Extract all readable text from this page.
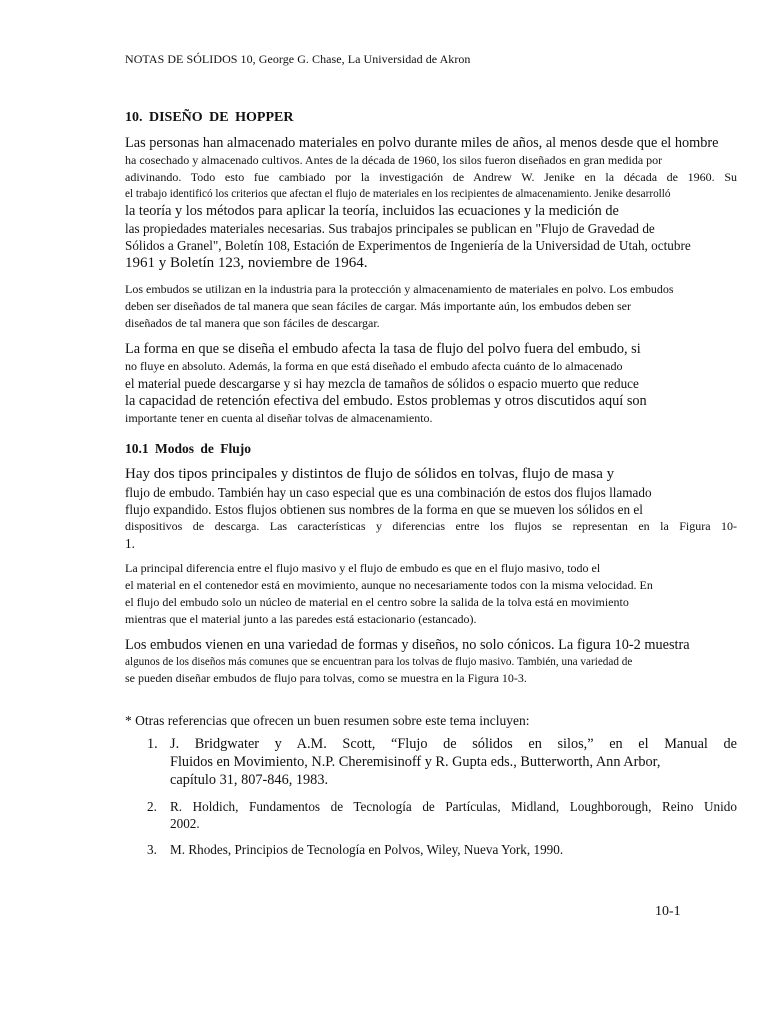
NOTAS DE SÓLIDOS 10, George G. Chase, La Universidad de Akron
10. DISEÑO DE HOPPER

Las personas han almacenado materiales en polvo durante miles de años, al menos desde que el hombre
ha cosechado y almacenado cultivos. Antes de la década de 1960, los silos fueron diseñados en gran medida por
adivinando. Todo esto fue cambiado por la investigación de Andrew W. Jenike en la década de 1960. Su
el trabajo identificó los criterios que afectan el flujo de materiales en los recipientes de almacenamiento. Jenike desarrolló
la teoría y los métodos para aplicar la teoría, incluidos las ecuaciones y la medición de
las propiedades materiales necesarias. Sus trabajos principales se publican en "Flujo de Gravedad de
Sólidos a Granel", Boletín 108, Estación de Experimentos de Ingeniería de la Universidad de Utah, octubre
1961 y Boletín 123, noviembre de 1964.

Los embudos se utilizan en la industria para la protección y almacenamiento de materiales en polvo. Los embudos
deben ser diseñados de tal manera que sean fáciles de cargar. Más importante aún, los embudos deben ser
diseñados de tal manera que son fáciles de descargar.

La forma en que se diseña el embudo afecta la tasa de flujo del polvo fuera del embudo, si
no fluye en absoluto. Además, la forma en que está diseñado el embudo afecta cuánto de lo almacenado
el material puede descargarse y si hay mezcla de tamaños de sólidos o espacio muerto que reduce
la capacidad de retención efectiva del embudo. Estos problemas y otros discutidos aquí son
importante tener en cuenta al diseñar tolvas de almacenamiento.

10.1 Modos de Flujo

Hay dos tipos principales y distintos de flujo de sólidos en tolvas, flujo de masa y
flujo de embudo. También hay un caso especial que es una combinación de estos dos flujos llamado
flujo expandido. Estos flujos obtienen sus nombres de la forma en que se mueven los sólidos en el
dispositivos de descarga. Las características y diferencias entre los flujos se representan en la Figura 10-
1.

La principal diferencia entre el flujo masivo y el flujo de embudo es que en el flujo masivo, todo el
el material en el contenedor está en movimiento, aunque no necesariamente todos con la misma velocidad. En
el flujo del embudo solo un núcleo de material en el centro sobre la salida de la tolva está en movimiento
mientras que el material junto a las paredes está estacionario (estancado).

Los embudos vienen en una variedad de formas y diseños, no solo cónicos. La figura 10-2 muestra
algunos de los diseños más comunes que se encuentran para los tolvas de flujo masivo. También, una variedad de
se pueden diseñar embudos de flujo para tolvas, como se muestra en la Figura 10-3.

* Otras referencias que ofrecen un buen resumen sobre este tema incluyen:
1. J. Bridgwater y A.M. Scott, “Flujo de sólidos en silos,” en el Manual de
Fluidos en Movimiento, N.P. Cheremisinoff y R. Gupta eds., Butterworth, Ann Arbor,
capítulo 31, 807-846, 1983.
2. R. Holdich, Fundamentos de Tecnología de Partículas, Midland, Loughborough, Reino Unido
2002.
3. M. Rhodes, Principios de Tecnología en Polvos, Wiley, Nueva York, 1990.
10-1
